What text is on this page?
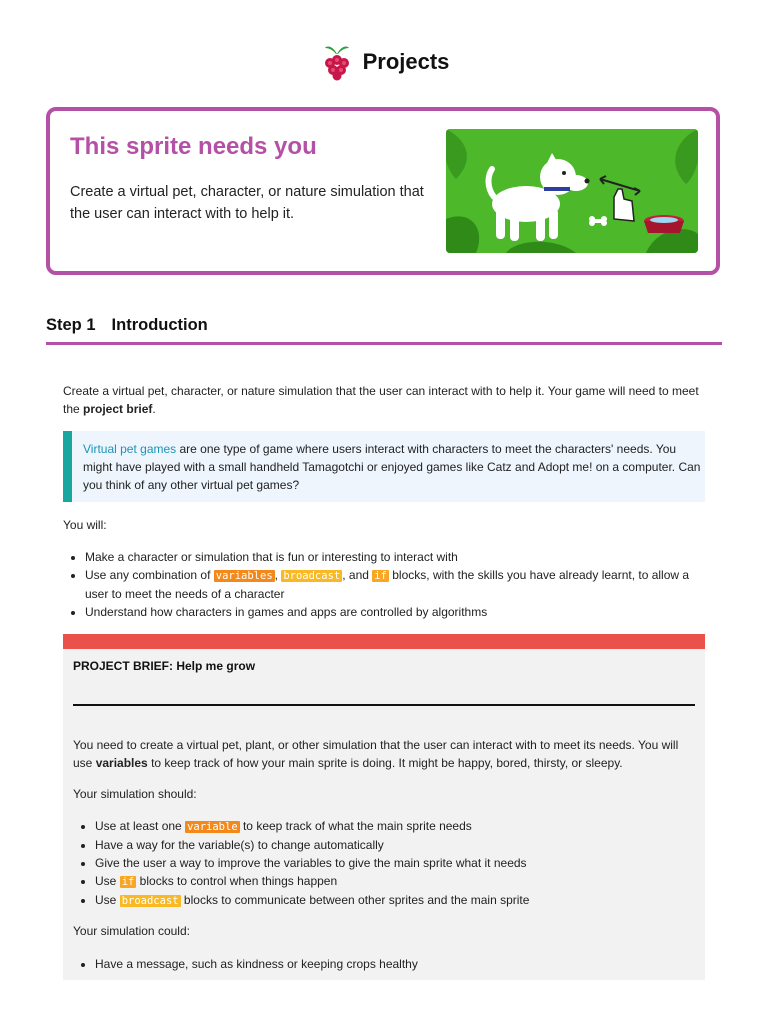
Projects
This sprite needs you
Create a virtual pet, character, or nature simulation that the user can interact with to help it.
Step 1 Introduction
Create a virtual pet, character, or nature simulation that the user can interact with to help it. Your game will need to meet the project brief.
Virtual pet games are one type of game where users interact with characters to meet the characters' needs. You might have played with a small handheld Tamagotchi or enjoyed games like Catz and Adopt me! on a computer. Can you think of any other virtual pet games?
You will:
• Make a character or simulation that is fun or interesting to interact with
• Use any combination of variables , broadcast , and if blocks, with the skills you have already learnt, to allow a user to meet the needs of a character
• Understand how characters in games and apps are controlled by algorithms
PROJECT BRIEF: Help me grow
You need to create a virtual pet, plant, or other simulation that the user can interact with to meet its needs. You will use variables to keep track of how your main sprite is doing. It might be happy, bored, thirsty, or sleepy.
Your simulation should:
• Use at least one variable to keep track of what the main sprite needs
• Have a way for the variable(s) to change automatically
• Give the user a way to improve the variables to give the main sprite what it needs
• Use if blocks to control when things happen
• Use broadcast blocks to communicate between other sprites and the main sprite
Your simulation could:
• Have a message, such as kindness or keeping crops healthy
